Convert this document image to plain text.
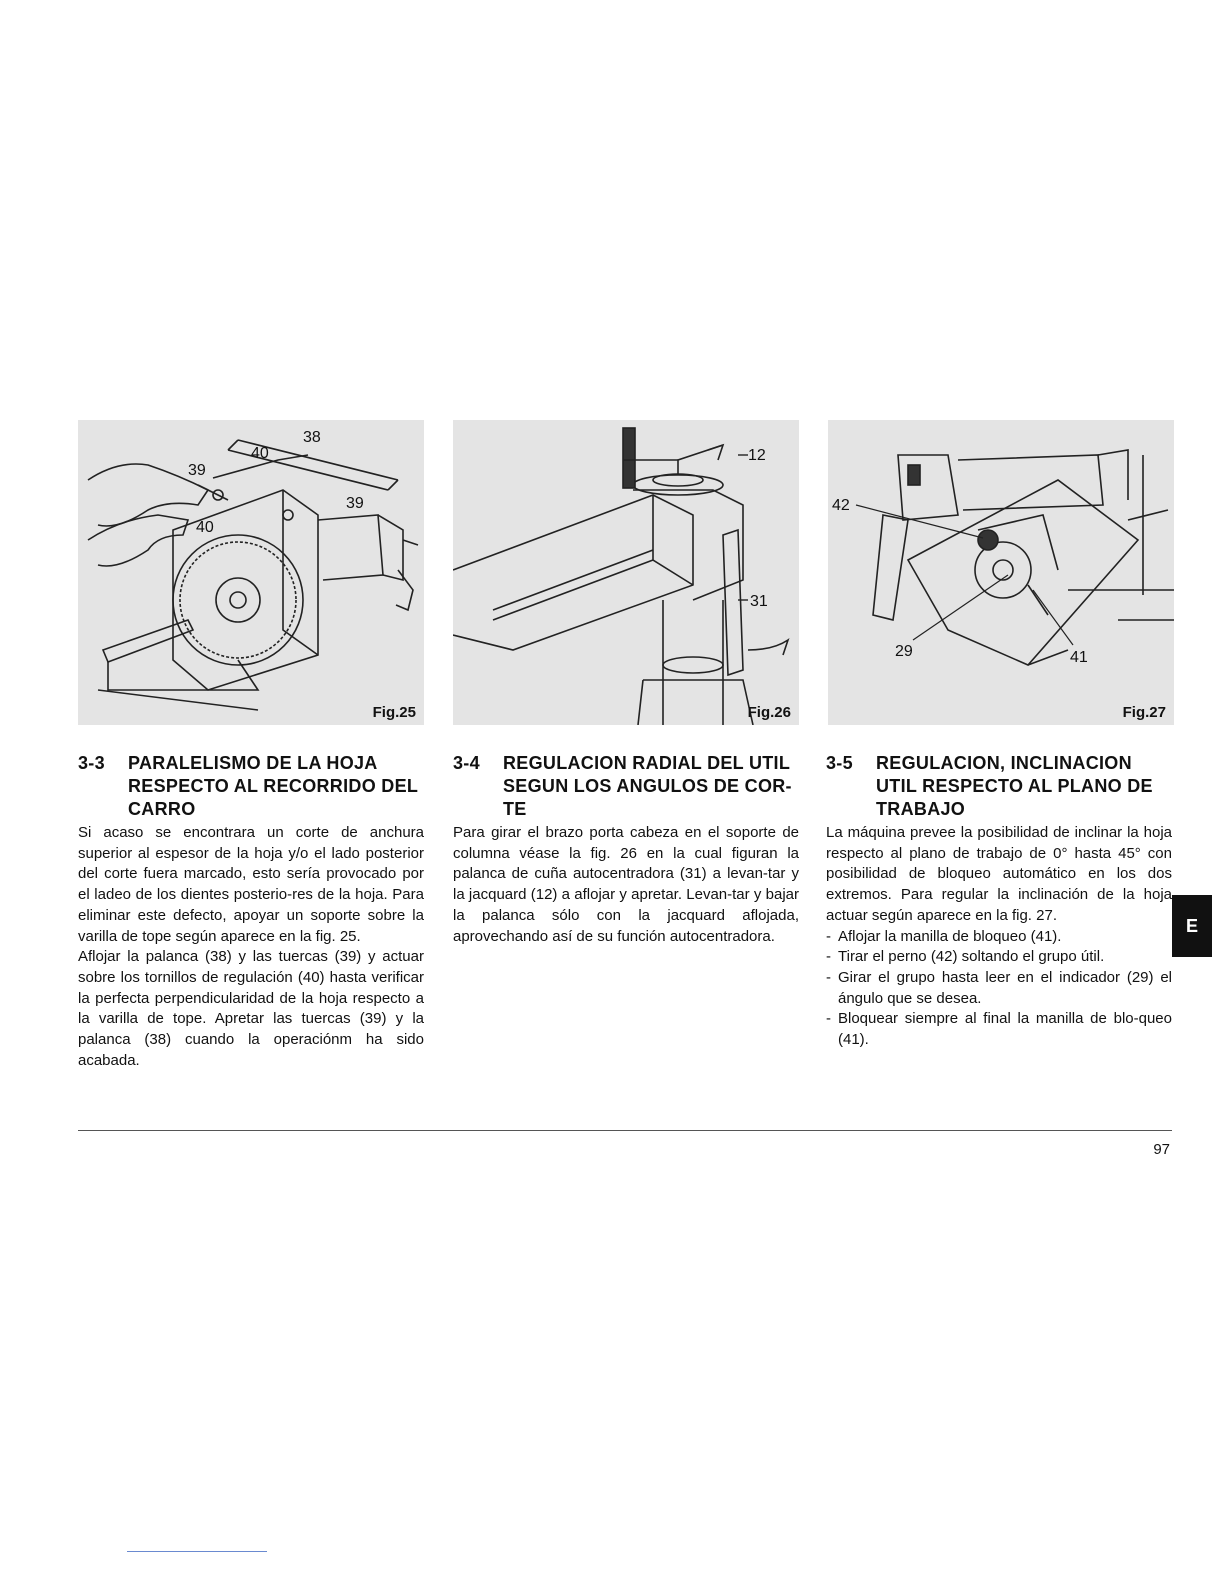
38
40
39
39
40
Fig.25
12
31
Fig.26
42
29	41
Fig.27
3-3	PARALELISMO DE LA HOJA RESPECTO AL RECORRIDO DEL CARRO

Si acaso se encontrara un corte de anchura superior al espesor de la hoja y/o el lado posterior del corte fuera marcado, esto sería provocado por el ladeo de los dientes posterio-res de la hoja. Para eliminar este defecto, apoyar un soporte sobre la varilla de tope según aparece en la fig. 25.

Aflojar la palanca (38) y las tuercas (39) y actuar sobre los tornillos de regulación (40) hasta verificar la perfecta perpendicularidad de la hoja respecto a la varilla de tope. Apretar las tuercas (39) y la palanca (38) cuando la operaciónm ha sido acabada.

3-4	REGULACION RADIAL DEL UTIL SEGUN LOS ANGULOS DE COR-TE

Para girar el brazo porta cabeza en el soporte de columna véase la fig. 26 en la cual figuran la palanca de cuña autocentradora (31) a levan-tar y la jacquard (12) a aflojar y apretar. Levan-tar y bajar la palanca sólo con la jacquard aflojada, aprovechando así de su función autocentradora.

3-5	REGULACION, INCLINACION UTIL RESPECTO AL PLANO DE TRABAJO

La máquina prevee la posibilidad de inclinar la hoja respecto al plano de trabajo de 0° hasta 45° con posibilidad de bloqueo automático en los dos extremos. Para regular la inclinación de la hoja actuar según aparece en la fig. 27.

- Aflojar la manilla de bloqueo (41).
- Tirar el perno (42) soltando el grupo útil.
- Girar el grupo hasta leer en el indicador (29) el ángulo que se desea.
- Bloquear siempre al final la manilla de blo-queo (41).
E
97
